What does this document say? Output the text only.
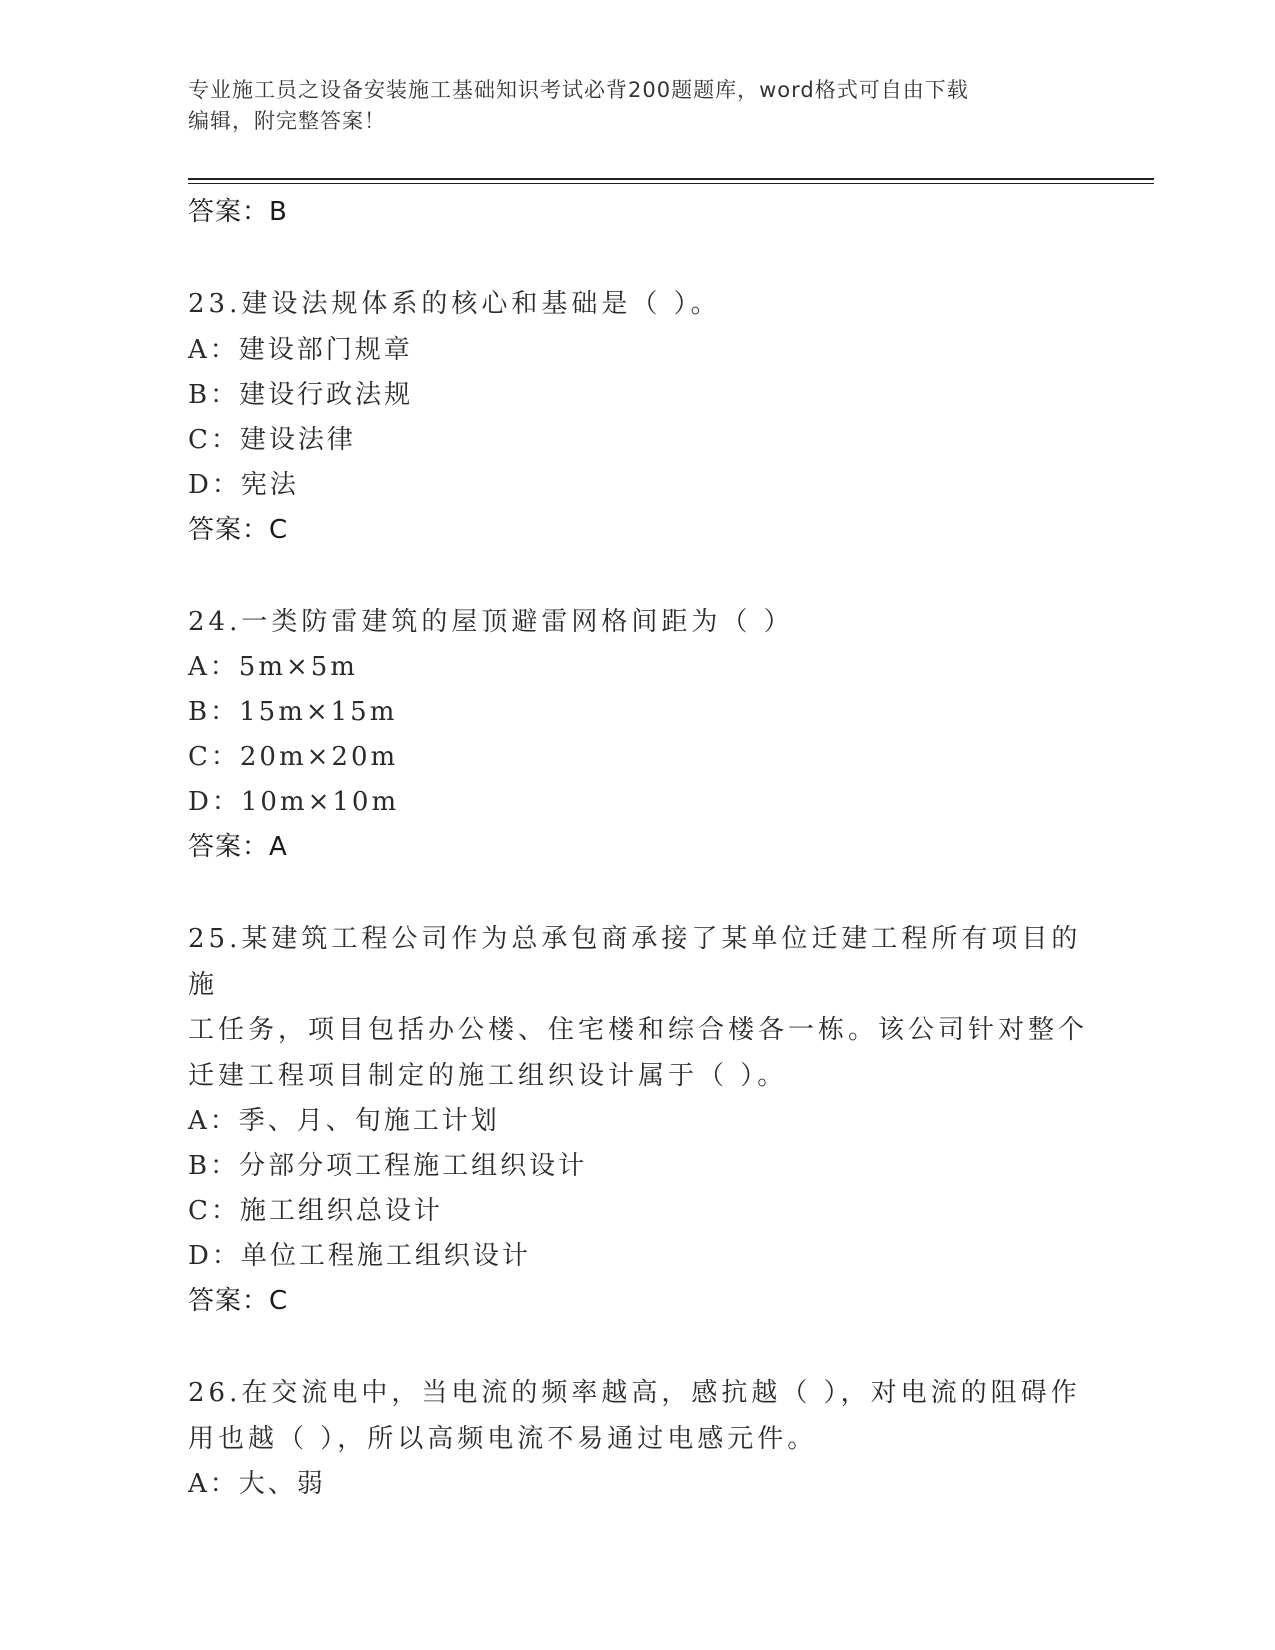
专业施工员之设备安装施工基础知识考试必背200题题库，word格式可自由下载
编辑，附完整答案！
答案：B
23.建设法规体系的核心和基础是（ ）。
A：建设部门规章
B：建设行政法规
C：建设法律
D：宪法
答案：C
24.一类防雷建筑的屋顶避雷网格间距为（ ）
A：5m×5m
B：15m×15m
C：20m×20m
D：10m×10m
答案：A
25.某建筑工程公司作为总承包商承接了某单位迁建工程所有项目的施
工任务，项目包括办公楼、住宅楼和综合楼各一栋。该公司针对整个
迁建工程项目制定的施工组织设计属于（ ）。
A：季、月、旬施工计划
B：分部分项工程施工组织设计
C：施工组织总设计
D：单位工程施工组织设计
答案：C
26.在交流电中，当电流的频率越高，感抗越（ ），对电流的阻碍作
用也越（ ），所以高频电流不易通过电感元件。
A：大、弱
